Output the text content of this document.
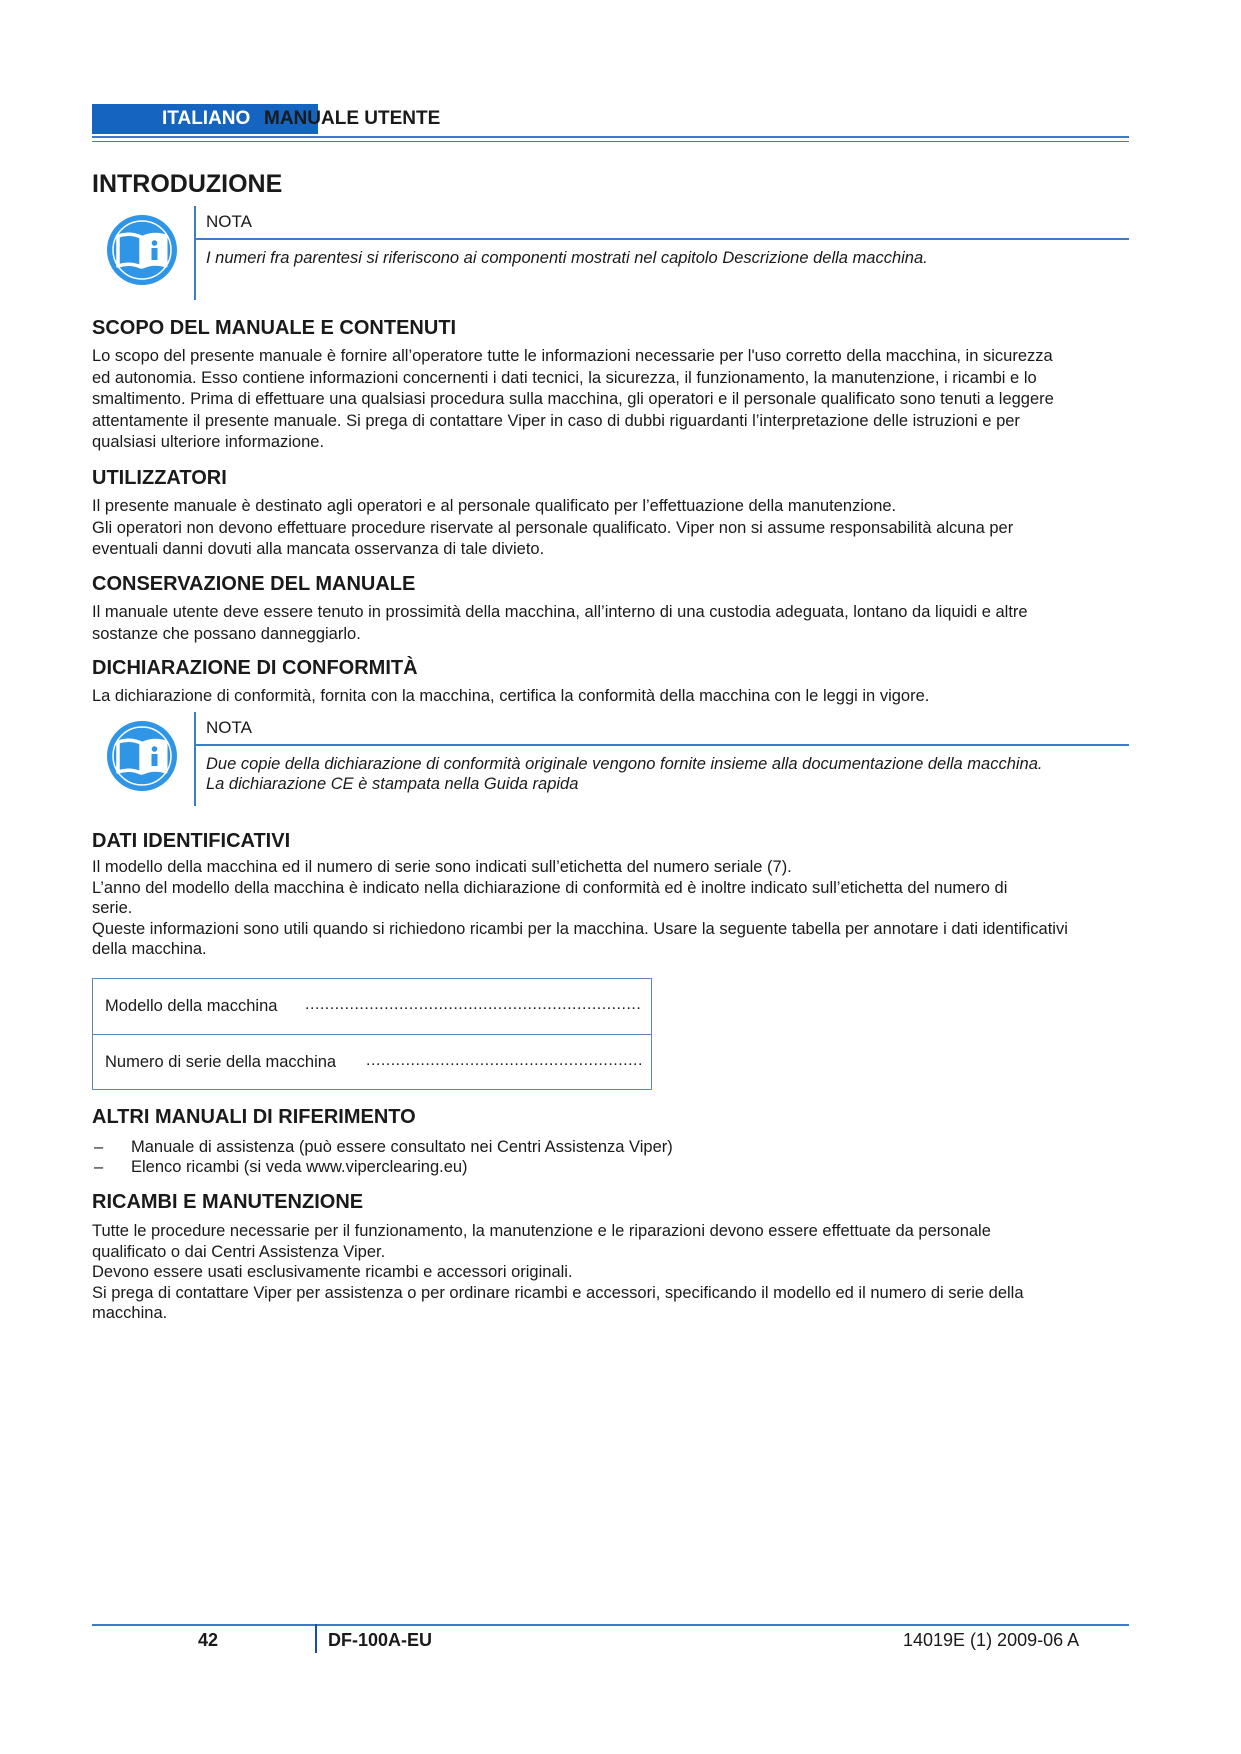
ITALIANO MANUALE UTENTE
INTRODUZIONE
NOTA
I numeri fra parentesi si riferiscono ai componenti mostrati nel capitolo Descrizione della macchina.
SCOPO DEL MANUALE E CONTENUTI

Lo scopo del presente manuale è fornire all’operatore tutte le informazioni necessarie per l'uso corretto della macchina, in sicurezza

ed autonomia. Esso contiene informazioni concernenti i dati tecnici, la sicurezza, il funzionamento, la manutenzione, i ricambi e lo

smaltimento. Prima di effettuare una qualsiasi procedura sulla macchina, gli operatori e il personale qualificato sono tenuti a leggere

attentamente il presente manuale. Si prega di contattare Viper in caso di dubbi riguardanti l’interpretazione delle istruzioni e per

qualsiasi ulteriore informazione.

UTILIZZATORI

Il presente manuale è destinato agli operatori e al personale qualificato per l’effettuazione della manutenzione.

Gli operatori non devono effettuare procedure riservate al personale qualificato. Viper non si assume responsabilità alcuna per

eventuali danni dovuti alla mancata osservanza di tale divieto.

CONSERVAZIONE DEL MANUALE

Il manuale utente deve essere tenuto in prossimità della macchina, all’interno di una custodia adeguata, lontano da liquidi e altre

sostanze che possano danneggiarlo.

DICHIARAZIONE DI CONFORMITÀ

La dichiarazione di conformità, fornita con la macchina, certifica la conformità della macchina con le leggi in vigore.

NOTA
Due copie della dichiarazione di conformità originale vengono fornite insieme alla documentazione della macchina.
La dichiarazione CE è stampata nella Guida rapida
DATI IDENTIFICATIVI

Il modello della macchina ed il numero di serie sono indicati sull’etichetta del numero seriale (7).

L’anno del modello della macchina è indicato nella dichiarazione di conformità ed è inoltre indicato sull’etichetta del numero di

serie.

Queste informazioni sono utili quando si richiedono ricambi per la macchina. Usare la seguente tabella per annotare i dati identificativi

della macchina.

Modello della macchina ....................................................................
Numero di serie della macchina ........................................................
ALTRI MANUALI DI RIFERIMENTO
– Manuale di assistenza (può essere consultato nei Centri Assistenza Viper)
– Elenco ricambi (si veda www.viperclearing.eu)
RICAMBI E MANUTENZIONE

Tutte le procedure necessarie per il funzionamento, la manutenzione e le riparazioni devono essere effettuate da personale

qualificato o dai Centri Assistenza Viper.

Devono essere usati esclusivamente ricambi e accessori originali.

Si prega di contattare Viper per assistenza o per ordinare ricambi e accessori, specificando il modello ed il numero di serie della

macchina.

42	DF-100A-EU	14019E (1) 2009-06 A
